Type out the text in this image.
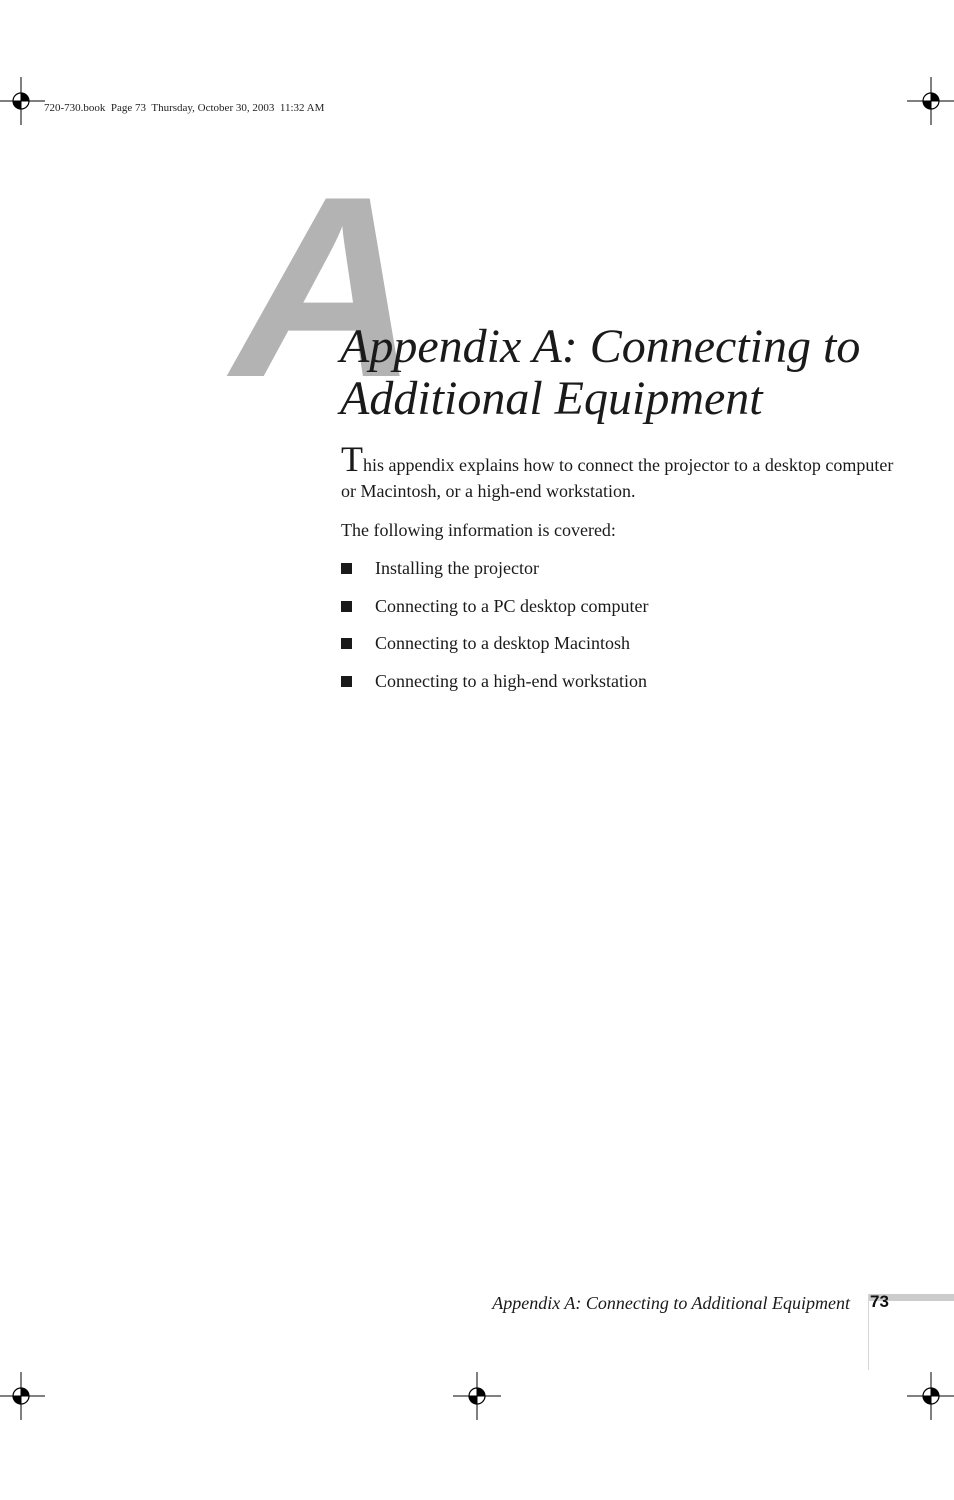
720-730.book  Page 73  Thursday, October 30, 2003  11:32 AM
A
Appendix A: Connecting to
Additional Equipment

This appendix explains how to connect the projector to a desktop computer or Macintosh, or a high-end workstation.

The following information is covered:

Installing the projector
Connecting to a PC desktop computer
Connecting to a desktop Macintosh
Connecting to a high-end workstation
Appendix A: Connecting to Additional Equipment 73
